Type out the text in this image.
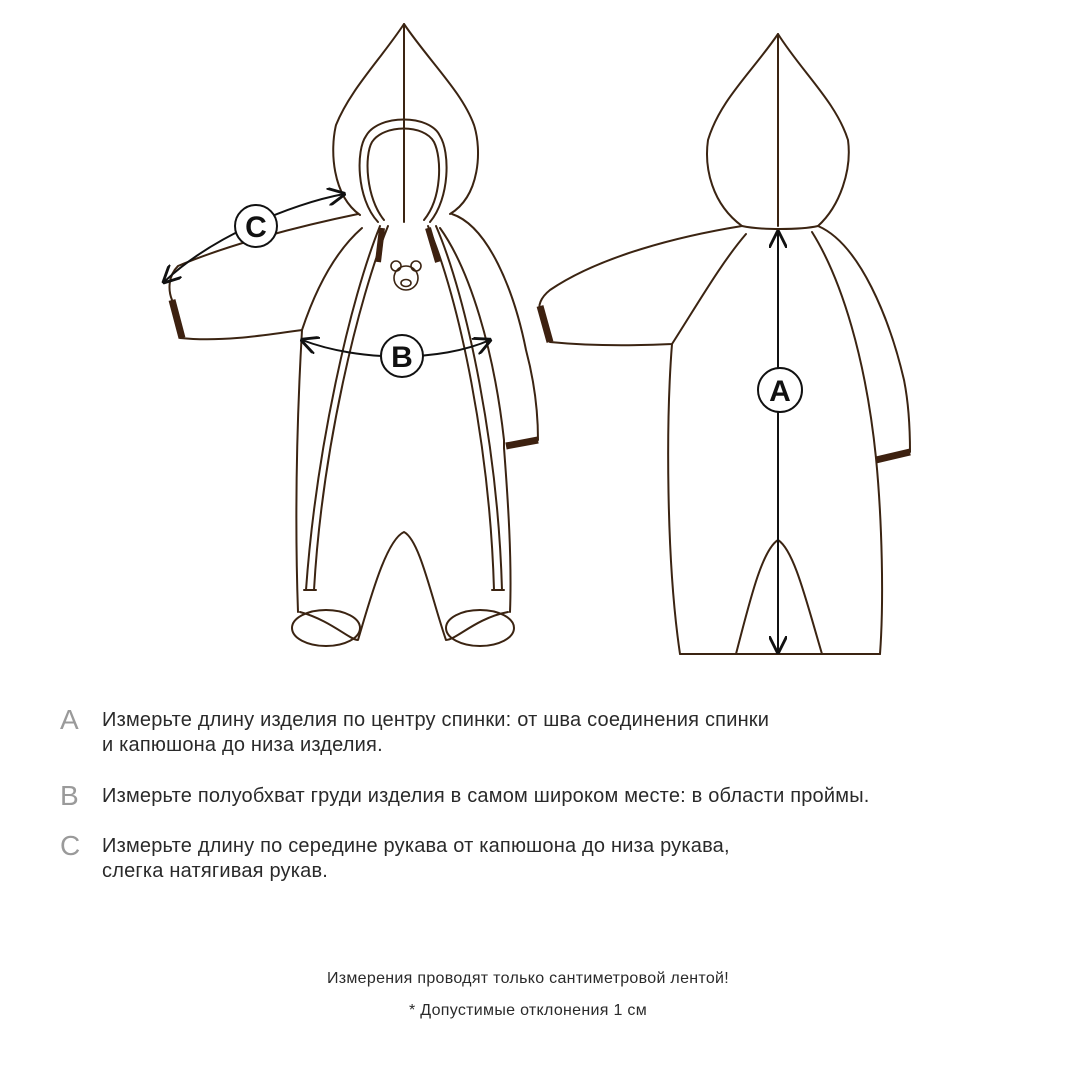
C
B
A
A Измерьте длину изделия по центру спинки: от шва соединения спинки
и капюшона до низа изделия.
B Измерьте полуобхват груди изделия в самом широком месте: в области проймы.
C Измерьте длину по середине рукава от капюшона до низа рукава,
слегка натягивая рукав.
Измерения проводят только сантиметровой лентой!
* Допустимые отклонения 1 см
